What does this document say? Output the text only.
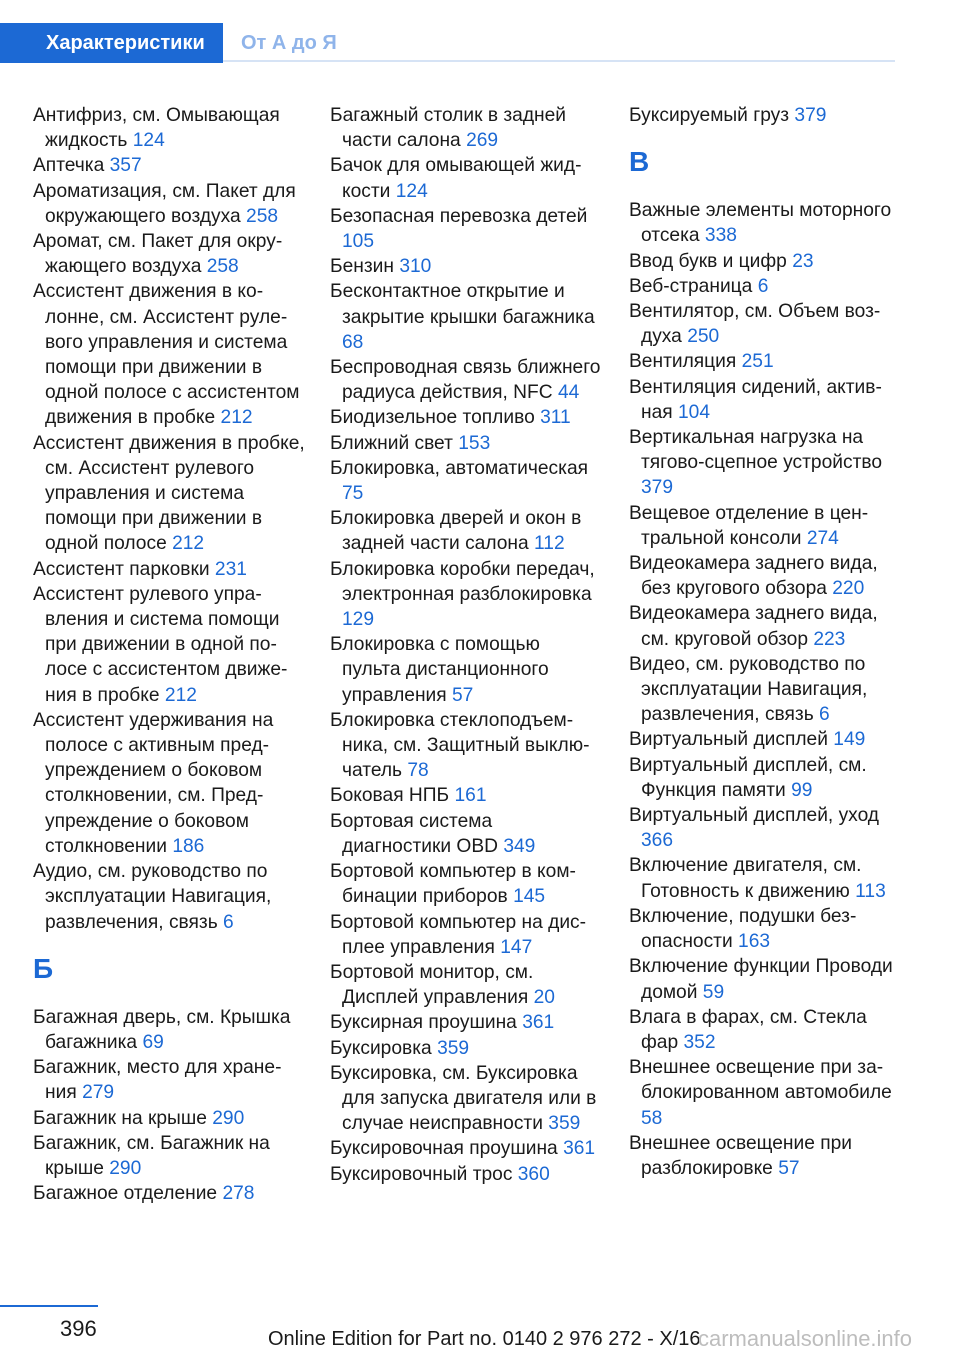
Характеристики	От А до Я

Антифриз, см. Омывающая жидкость 124

Аптечка 357

Ароматизация, см. Пакет для окружающего воздуха 258

Аромат, см. Пакет для окружающего воздуха 258

Ассистент движения в колонне, см. Ассистент рулевого управления и система помощи при движении в одной полосе с ассистентом движения в пробке 212

Ассистент движения в пробке, см. Ассистент рулевого управления и система помощи при движении в одной полосе 212

Ассистент парковки 231

Ассистент рулевого управления и система помощи при движении в одной полосе с ассистентом движения в пробке 212

Ассистент удерживания на полосе с активным предупреждением о боковом столкновении, см. Предупреждение о боковом столкновении 186

Аудио, см. руководство по эксплуатации Навигация, развлечения, связь 6

Б

Багажная дверь, см. Крышка багажника 69

Багажник, место для хранения 279

Багажник на крыше 290

Багажник, см. Багажник на крыше 290

Багажное отделение 278

Багажный столик в задней части салона 269

Бачок для омывающей жидкости 124

Безопасная перевозка детей 105

Бензин 310

Бесконтактное открытие и закрытие крышки багажника 68

Беспроводная связь ближнего радиуса действия, NFC 44

Биодизельное топливо 311

Ближний свет 153

Блокировка, автоматическая 75

Блокировка дверей и окон в задней части салона 112

Блокировка коробки передач, электронная разблокировка 129

Блокировка с помощью пульта дистанционного управления 57

Блокировка стеклоподъемника, см. Защитный выключатель 78

Боковая НПБ 161

Бортовая система диагностики OBD 349

Бортовой компьютер в комбинации приборов 145

Бортовой компьютер на дисплее управления 147

Бортовой монитор, см. Дисплей управления 20

Буксирная проушина 361

Буксировка 359

Буксировка, см. Буксировка для запуска двигателя или в случае неисправности 359

Буксировочная проушина 361

Буксировочный трос 360

Буксируемый груз 379

В

Важные элементы моторного отсека 338

Ввод букв и цифр 23

Веб-страница 6

Вентилятор, см. Объем воздуха 250

Вентиляция 251

Вентиляция сидений, активная 104

Вертикальная нагрузка на тягово-сцепное устройство 379

Вещевое отделение в центральной консоли 274

Видеокамера заднего вида, без кругового обзора 220

Видеокамера заднего вида, см. круговой обзор 223

Видео, см. руководство по эксплуатации Навигация, развлечения, связь 6

Виртуальный дисплей 149

Виртуальный дисплей, см. Функция памяти 99

Виртуальный дисплей, уход 366

Включение двигателя, см. Готовность к движению 113

Включение, подушки безопасности 163

Включение функции Проводи домой 59

Влага в фарах, см. Стекла фар 352

Внешнее освещение при заблокированном автомобиле 58

Внешнее освещение при разблокировке 57

396	Online Edition for Part no. 0140 2 976 272 - X/16
carmanualsonline.info
